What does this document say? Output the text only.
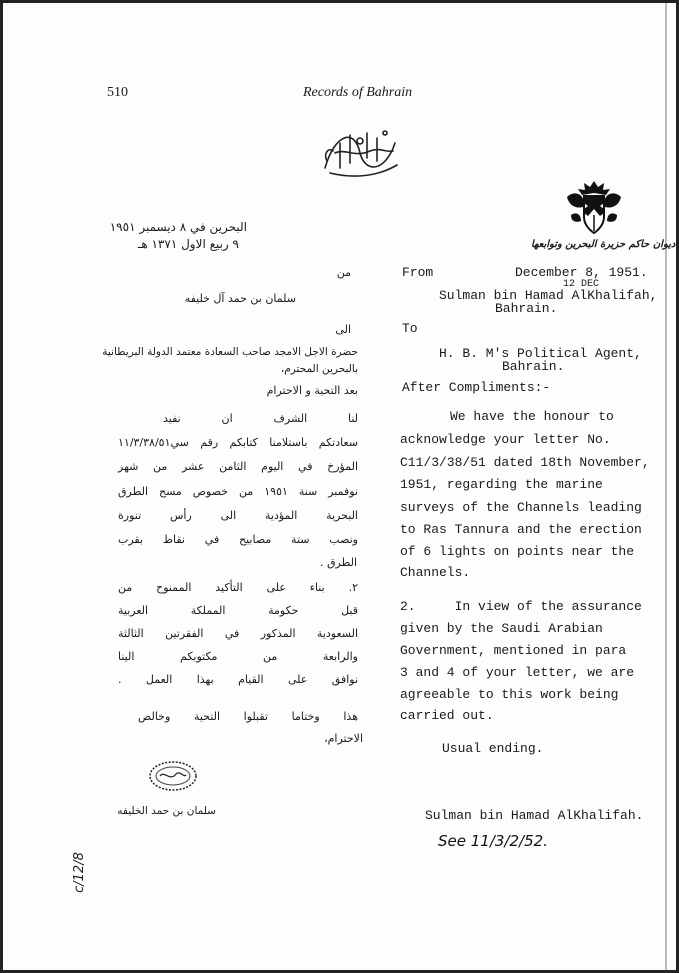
510	Records of Bahrain
ديوان حاكم حزيرة البحرين وتوابعها
12 DEC
البحرين في ٨ ديسمبر ١٩٥١
٩ ربيع الاول ١٣٧١ هـ
من
سلمان بن حمد آل خليفه
الى
حضرة الاجل الامجد صاحب السعادة معتمد الدولة البريطانية
بالبحرين المحترم،
بعد التحية و الاحترام
لنا الشرف ان نفيد
سعادتكم باستلامنا كتابكم رقم سي١١/٣/٣٨/٥١
المؤرخ في اليوم الثامن عشر من شهر
نوفمبر سنة ١٩٥١ من خصوص مسح الطرق
البحرية المؤدية الى رأس تنورة
ونصب ستة مصابيح في نقاط بقرب
الطرق .
٢. بناء على التأكيد الممنوح من
قبل حكومة المملكة العربية
السعودية المذكور في الفقرتين الثالثة
والرابعة من مكتوبكم الينا
نوافق على القيام بهذا العمل .
هذا وختاما تقبلوا التحية وخالص
الاحترام،
سلمان بن حمد الخليفه
c/12/8
From	December 8, 1951.
Sulman bin Hamad AlKhalifah,
Bahrain.
To
H. B. M's Political Agent,
Bahrain.
After Compliments:-
We have the honour to
acknowledge your letter No.
C11/3/38/51 dated 18th November,
1951, regarding the marine
surveys of the Channels leading
to Ras Tannura and the erection
of 6 lights on points near the
Channels.
2.     In view of the assurance
given by the Saudi Arabian
Government, mentioned in para
3 and 4 of your letter, we are
agreeable to this work being
carried out.
Usual ending.
Sulman bin Hamad AlKhalifah.
See 11/3/2/52.
